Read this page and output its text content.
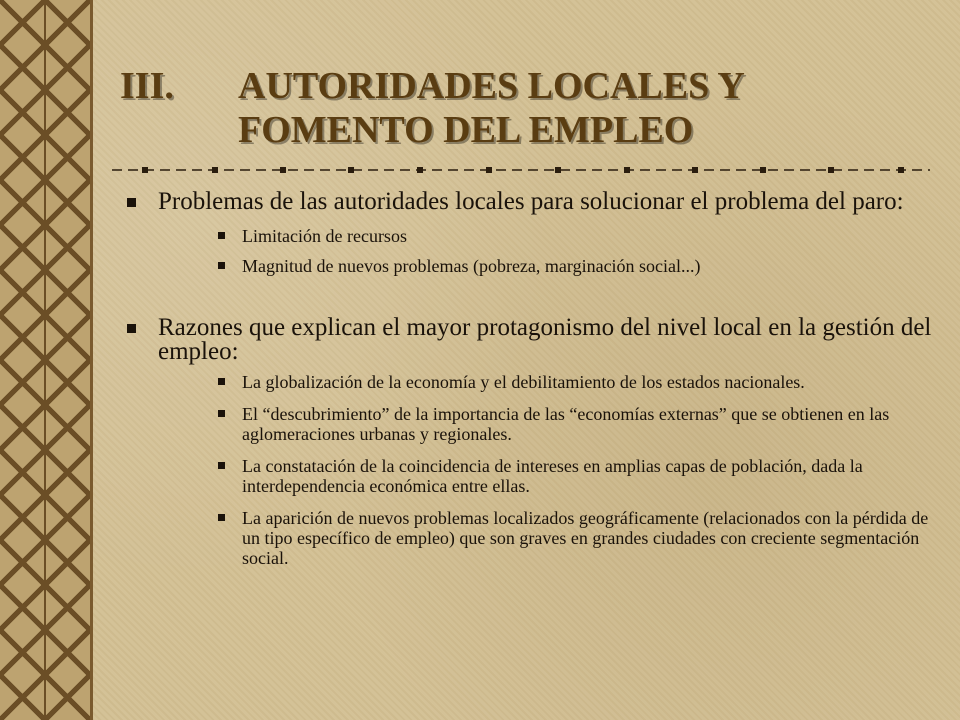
III. AUTORIDADES LOCALES Y
FOMENTO DEL EMPLEO
Problemas de las autoridades locales para solucionar el problema del paro:
Limitación de recursos
Magnitud de nuevos problemas (pobreza, marginación social...)
Razones que explican el mayor protagonismo del nivel local en la gestión del empleo:
La globalización de la economía y el debilitamiento de los estados nacionales.
El “descubrimiento” de la importancia de las “economías externas” que se obtienen en las aglomeraciones urbanas y regionales.
La constatación de la coincidencia de intereses en amplias capas de población, dada la interdependencia económica entre ellas.
La aparición de nuevos problemas localizados geográficamente (relacionados con la pérdida de un tipo específico de empleo) que son graves en grandes ciudades con creciente segmentación social.
